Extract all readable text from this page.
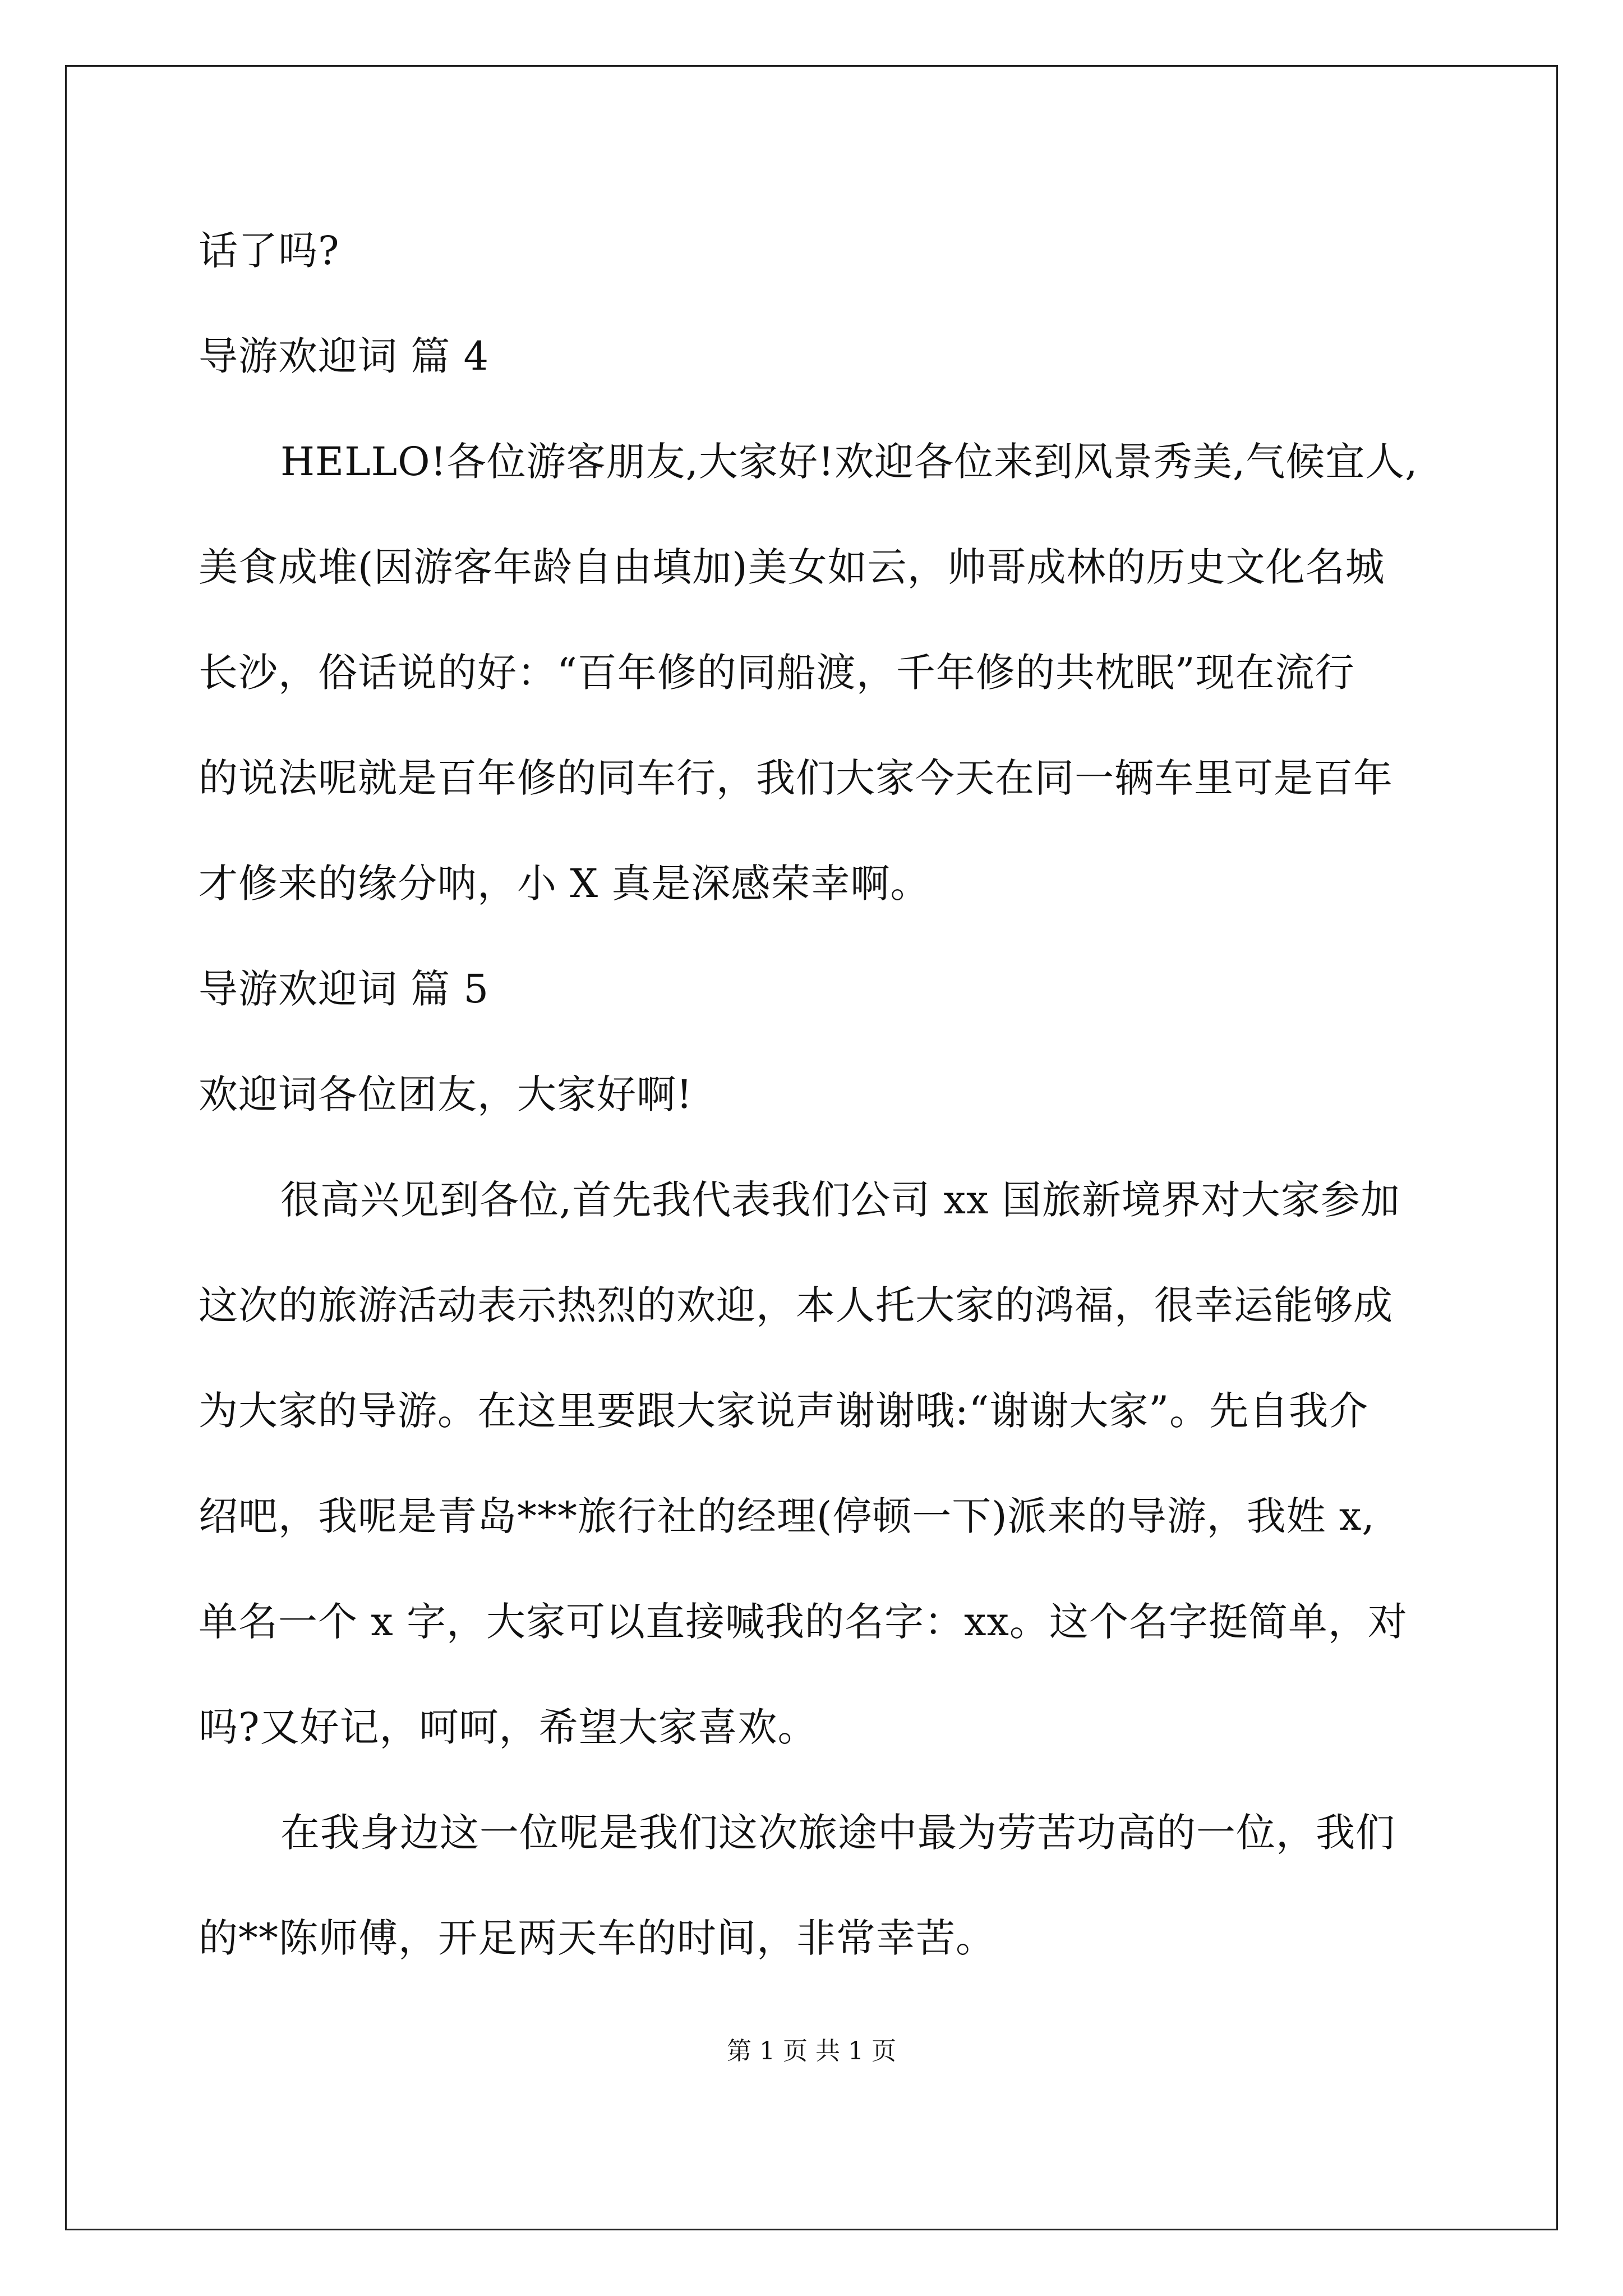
话了吗?
导游欢迎词 篇 4
HELLO!各位游客朋友,大家好!欢迎各位来到风景秀美,气候宜人,
美食成堆(因游客年龄自由填加)美女如云，帅哥成林的历史文化名城
长沙，俗话说的好：“百年修的同船渡，千年修的共枕眠”现在流行
的说法呢就是百年修的同车行，我们大家今天在同一辆车里可是百年
才修来的缘分呐，小 X 真是深感荣幸啊。
导游欢迎词 篇 5
欢迎词各位团友，大家好啊!
很高兴见到各位,首先我代表我们公司 xx 国旅新境界对大家参加
这次的旅游活动表示热烈的欢迎，本人托大家的鸿福，很幸运能够成
为大家的导游。在这里要跟大家说声谢谢哦:“谢谢大家”。先自我介
绍吧，我呢是青岛***旅行社的经理(停顿一下)派来的导游，我姓 x,
单名一个 x 字，大家可以直接喊我的名字：xx。这个名字挺简单，对
吗?又好记，呵呵，希望大家喜欢。
在我身边这一位呢是我们这次旅途中最为劳苦功高的一位，我们
的**陈师傅，开足两天车的时间，非常幸苦。
第 1 页 共 1 页
